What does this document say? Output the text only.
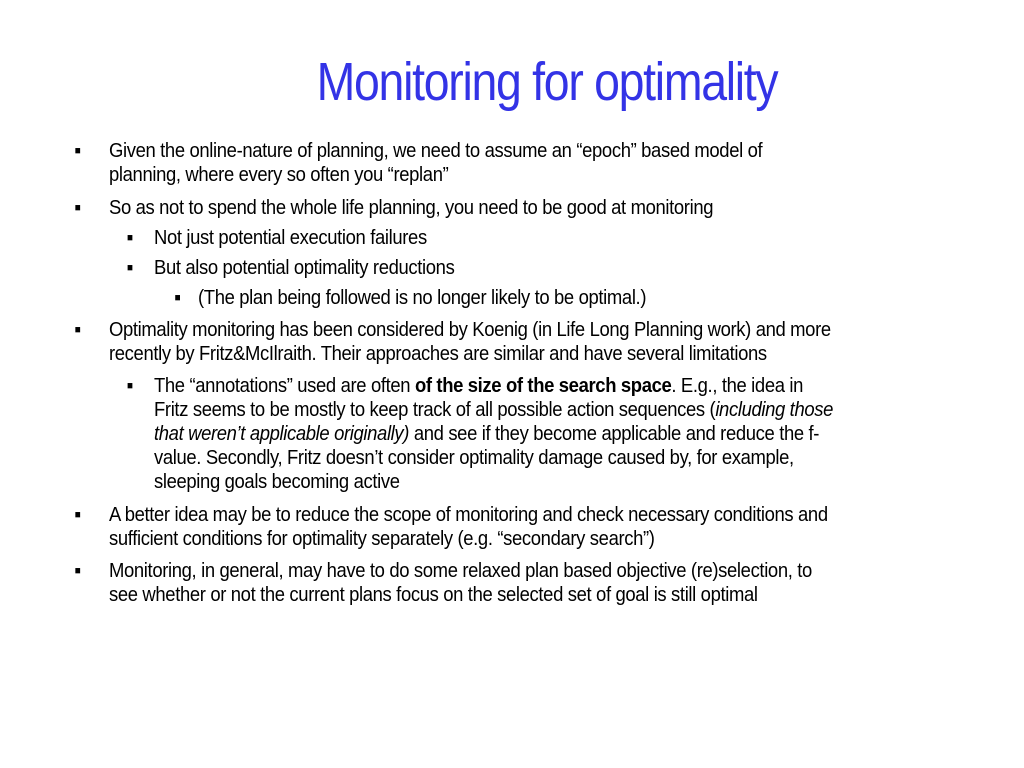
Monitoring for optimality
■ Given the online-nature of planning, we need to assume an “epoch” based model of
planning, where every so often you “replan”
■ So as not to spend the whole life planning, you need to be good at monitoring
■ Not just potential execution failures
■ But also potential optimality reductions
■ (The plan being followed is no longer likely to be optimal.)
■ Optimality monitoring has been considered by Koenig (in Life Long Planning work) and more
recently by Fritz&McIlraith. Their approaches are similar and have several limitations
■ The “annotations” used are often of the size of the search space. E.g., the idea in
Fritz seems to be mostly to keep track of all possible action sequences (including those
that weren’t applicable originally) and see if they become applicable and reduce the f-
value. Secondly, Fritz doesn’t consider optimality damage caused by, for example,
sleeping goals becoming active
■ A better idea may be to reduce the scope of monitoring and check necessary conditions and
sufficient conditions for optimality separately (e.g. “secondary search”)
■ Monitoring, in general, may have to do some relaxed plan based objective (re)selection, to
see whether or not the current plans focus on the selected set of goal is still optimal
